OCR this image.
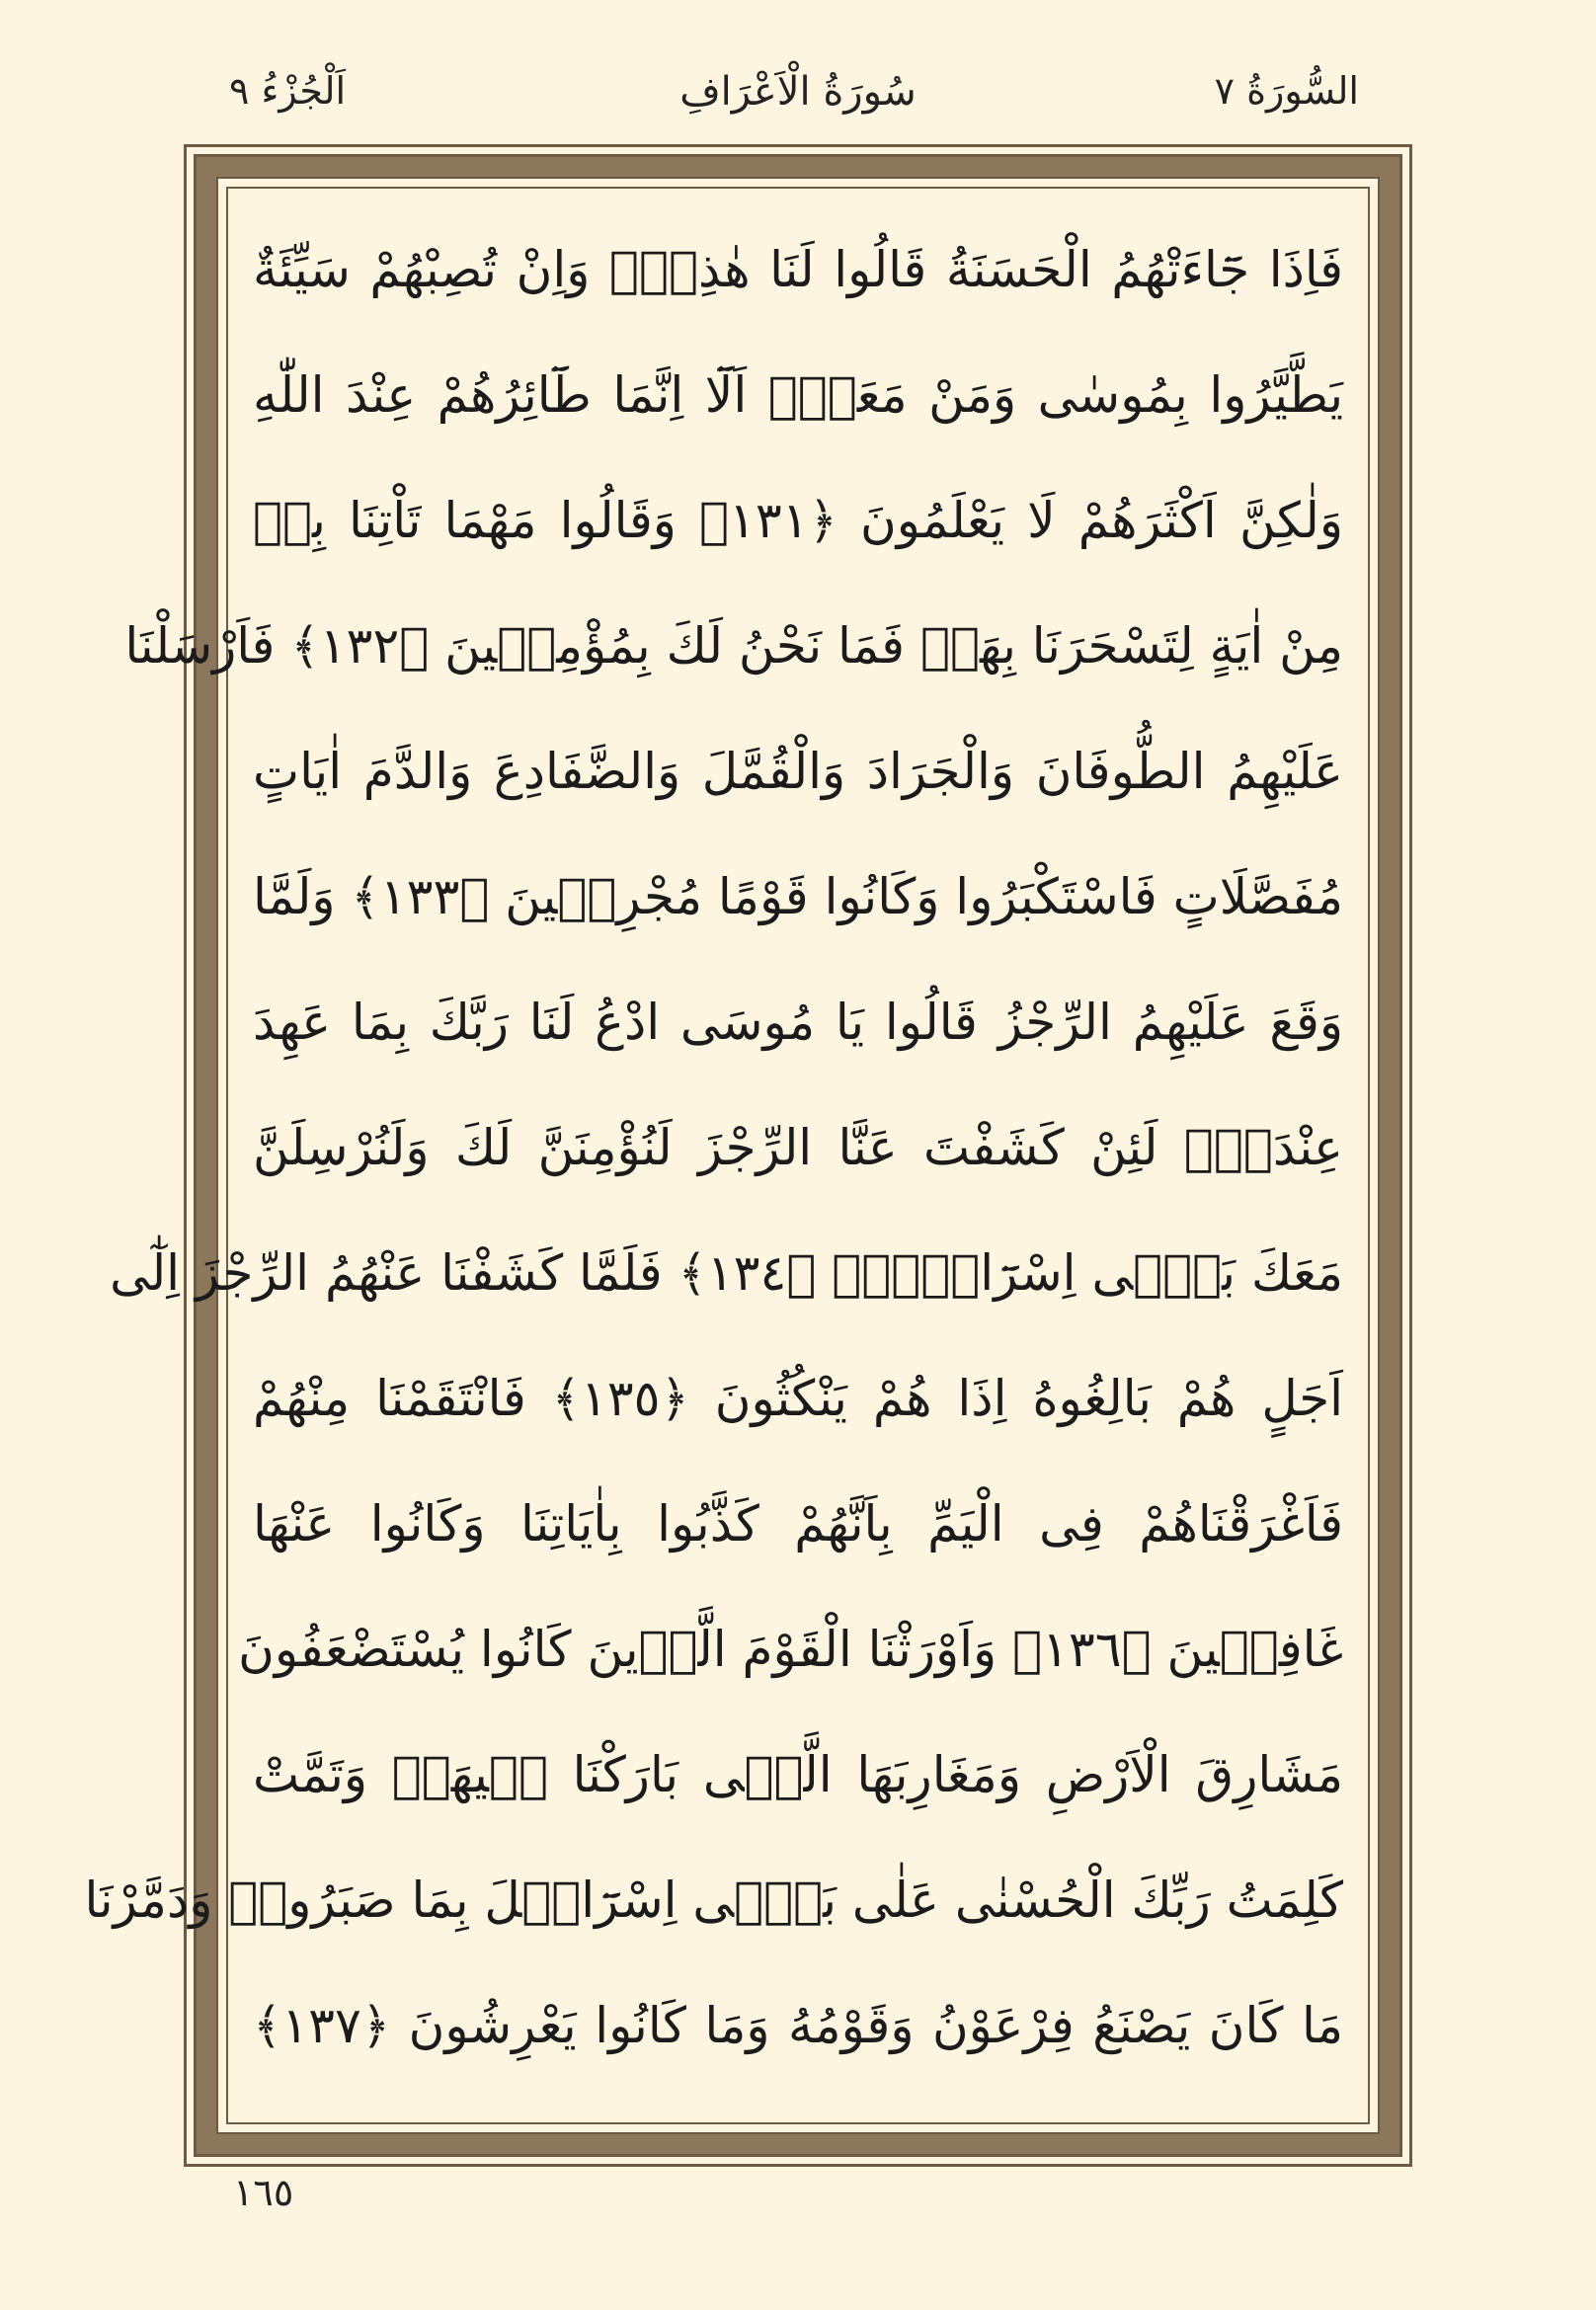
السُّورَةُ ٧
سُورَةُ الْاَعْرَافِ
اَلْجُزْءُ ٩
فَاِذَا جَٓاءَتْهُمُ الْحَسَنَةُ قَالُوا لَنَا هٰذِهٖۚ وَاِنْ تُصِبْهُمْ سَيِّئَةٌ
يَطَّيَّرُوا بِمُوسٰى وَمَنْ مَعَهُۜ اَلَٓا اِنَّمَا طَٓائِرُهُمْ عِنْدَ اللّٰهِ
وَلٰكِنَّ اَكْثَرَهُمْ لَا يَعْلَمُونَ ﴿١٣١﴾ وَقَالُوا مَهْمَا تَاْتِنَا بِهٖ
مِنْ اٰيَةٍ لِتَسْحَرَنَا بِهَاۙ فَمَا نَحْنُ لَكَ بِمُؤْمِنٖينَ ﴿١٣٢﴾ فَاَرْسَلْنَا
عَلَيْهِمُ الطُّوفَانَ وَالْجَرَادَ وَالْقُمَّلَ وَالضَّفَادِعَ وَالدَّمَ اٰيَاتٍ
مُفَصَّلَاتٍ فَاسْتَكْبَرُوا وَكَانُوا قَوْمًا مُجْرِمٖينَ ﴿١٣٣﴾ وَلَمَّا
وَقَعَ عَلَيْهِمُ الرِّجْزُ قَالُوا يَا مُوسَى ادْعُ لَنَا رَبَّكَ بِمَا عَهِدَ
عِنْدَكَۚ لَئِنْ كَشَفْتَ عَنَّا الرِّجْزَ لَنُؤْمِنَنَّ لَكَ وَلَنُرْسِلَنَّ
مَعَكَ بَنٖٓى اِسْرَٓائٖلَۚ ﴿١٣٤﴾ فَلَمَّا كَشَفْنَا عَنْهُمُ الرِّجْزَ اِلٰٓى
اَجَلٍ هُمْ بَالِغُوهُ اِذَا هُمْ يَنْكُثُونَ ﴿١٣٥﴾ فَانْتَقَمْنَا مِنْهُمْ
فَاَغْرَقْنَاهُمْ فِى الْيَمِّ بِاَنَّهُمْ كَذَّبُوا بِاٰيَاتِنَا وَكَانُوا عَنْهَا
غَافِلٖينَ ﴿١٣٦﴾ وَاَوْرَثْنَا الْقَوْمَ الَّذٖينَ كَانُوا يُسْتَضْعَفُونَ
مَشَارِقَ الْاَرْضِ وَمَغَارِبَهَا الَّتٖى بَارَكْنَا فٖيهَاۜ وَتَمَّتْ
كَلِمَتُ رَبِّكَ الْحُسْنٰى عَلٰى بَنٖٓى اِسْرَٓائٖلَ بِمَا صَبَرُواۜ وَدَمَّرْنَا
مَا كَانَ يَصْنَعُ فِرْعَوْنُ وَقَوْمُهُ وَمَا كَانُوا يَعْرِشُونَ ﴿١٣٧﴾
١٦٥
